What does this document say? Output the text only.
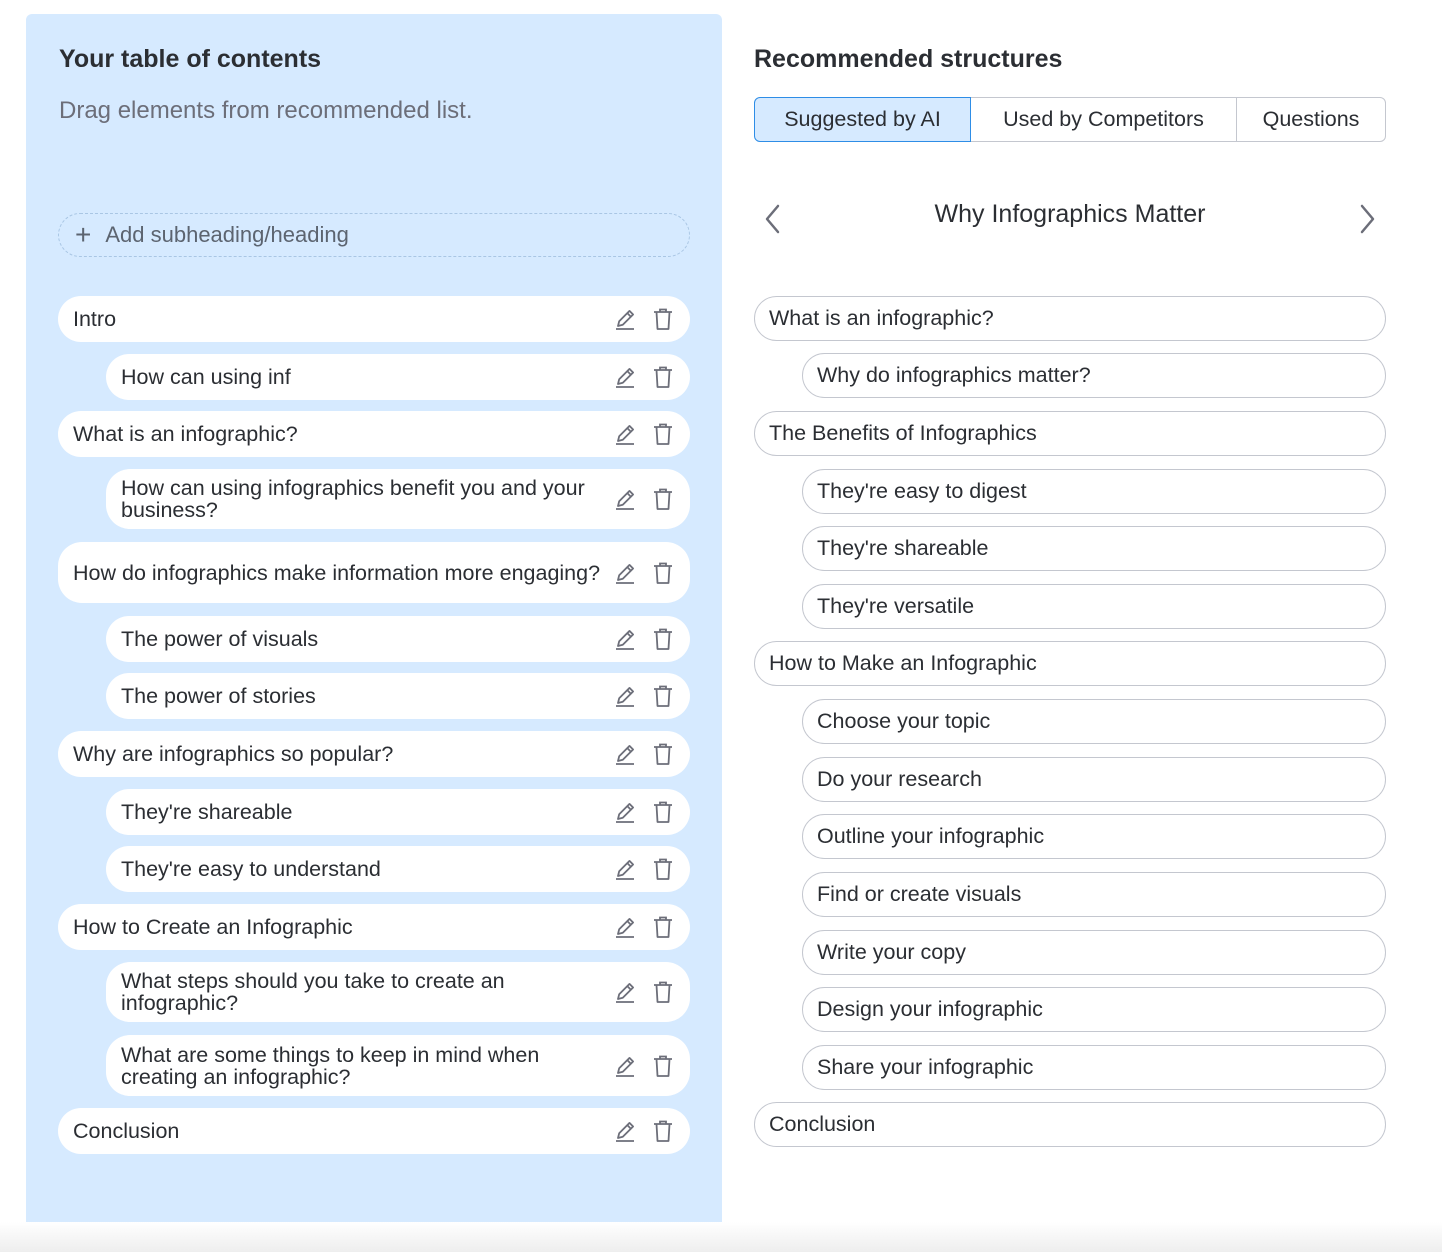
Your table of contents
Drag elements from recommended list.
+ Add subheading/heading
Intro
How can using inf
What is an infographic?
How can using infographics benefit you and your business?
How do infographics make information more engaging?
The power of visuals
The power of stories
Why are infographics so popular?
They're shareable
They're easy to understand
How to Create an Infographic
What steps should you take to create an infographic?
What are some things to keep in mind when creating an infographic?
Conclusion
Recommended structures
Suggested by AI	Used by Competitors	Questions
Why Infographics Matter
What is an infographic?
Why do infographics matter?
The Benefits of Infographics
They're easy to digest
They're shareable
They're versatile
How to Make an Infographic
Choose your topic
Do your research
Outline your infographic
Find or create visuals
Write your copy
Design your infographic
Share your infographic
Conclusion
